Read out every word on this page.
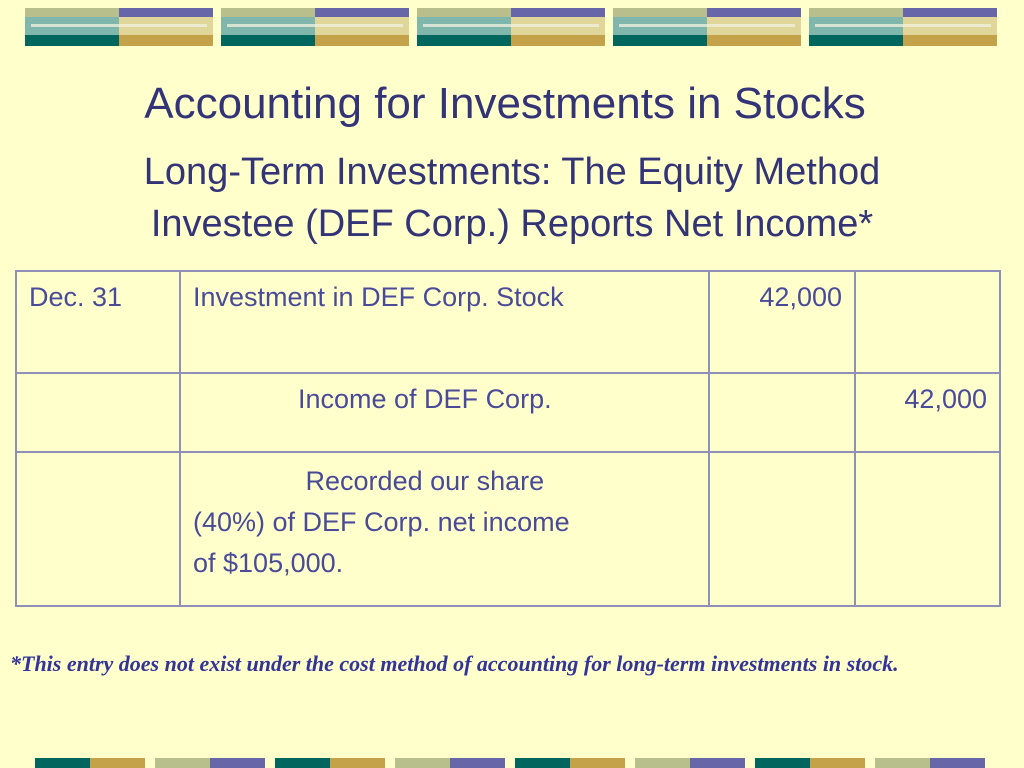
Accounting for Investments in Stocks
Long-Term Investments: The Equity Method
Investee (DEF Corp.) Reports Net Income*
Dec. 31	Investment in DEF Corp. Stock	42,000	

	Income of DEF Corp.		42,000

	Recorded our share
(40%) of DEF Corp. net income
of $105,000.		

*This entry does not exist under the cost method of accounting for long-term investments in stock.
